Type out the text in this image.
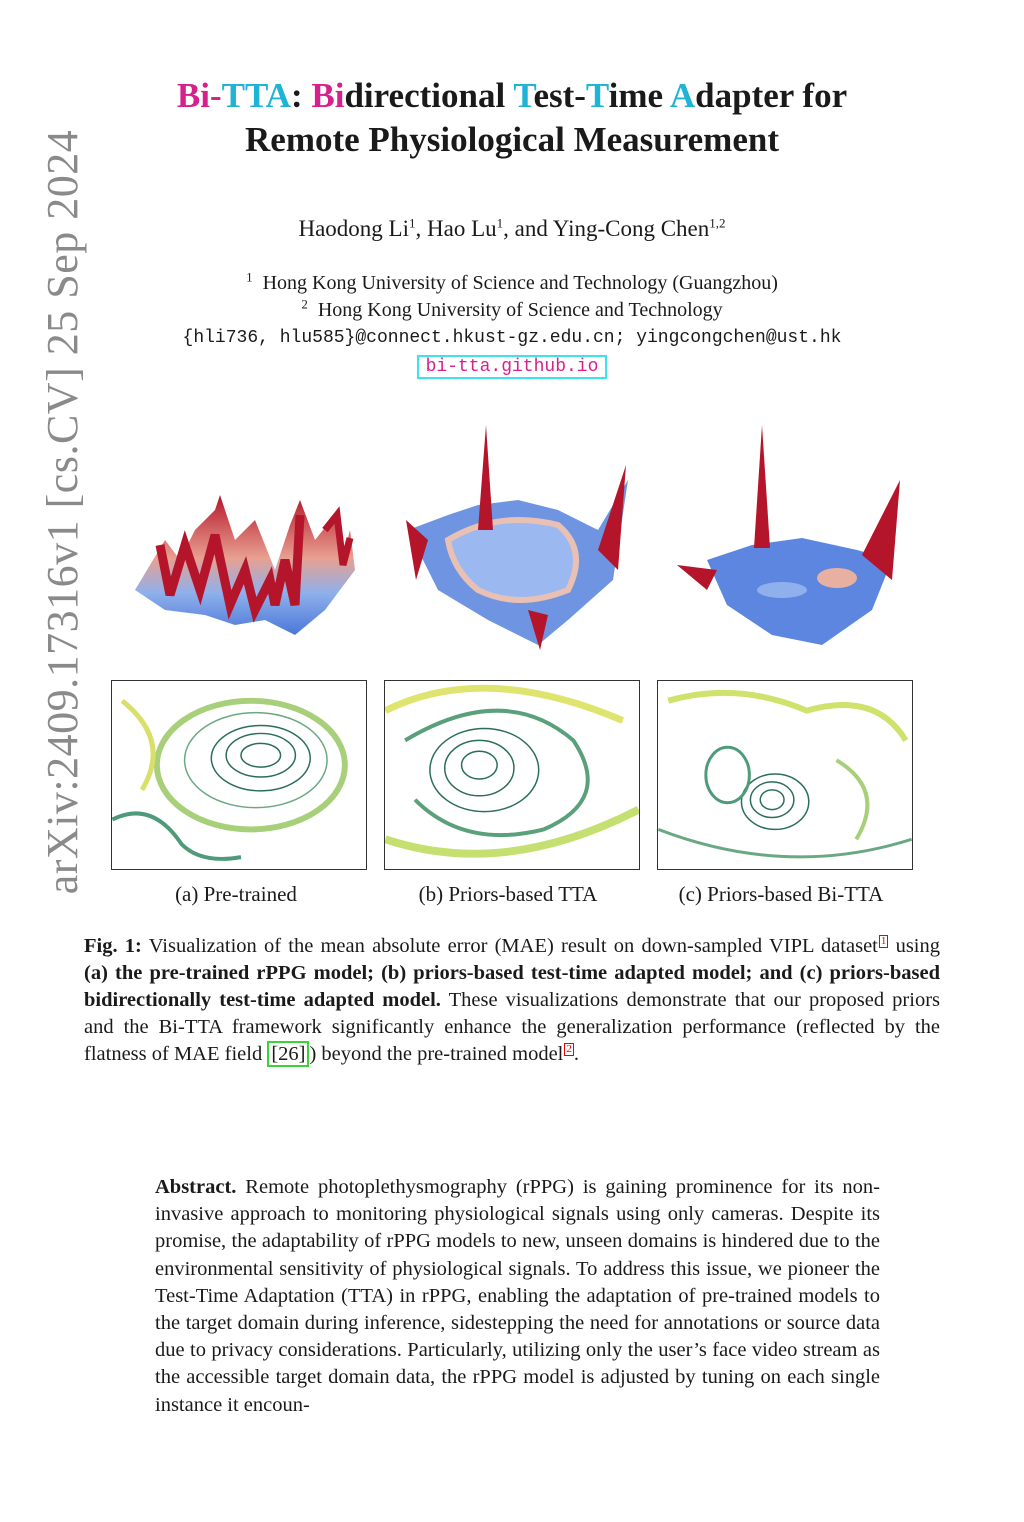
arXiv:2409.17316v1 [cs.CV] 25 Sep 2024
Bi-TTA: Bidirectional Test-Time Adapter for
Remote Physiological Measurement
Haodong Li$^1$, Hao Lu$^1$, and Ying-Cong Chen$^{1,2}$
$^1$ Hong Kong University of Science and Technology (Guangzhou)
$^2$ Hong Kong University of Science and Technology
{hli736, hlu585}@connect.hkust-gz.edu.cn; yingcongchen@ust.hk
bi-tta.github.io
(a) Pre-trained	(b) Priors-based TTA	(c) Priors-based Bi-TTA
Fig. 1: Visualization of the mean absolute error (MAE) result on down-sampled VIPL dataset 1 using (a) the pre-trained rPPG model; (b) priors-based test-time adapted model; and (c) priors-based bidirectionally test-time adapted model. These visualizations demonstrate that our proposed priors and the Bi-TTA framework significantly enhance the generalization performance (reflected by the flatness of MAE field [26] ) beyond the pre-trained model 2.
Abstract. Remote photoplethysmography (rPPG) is gaining prominence for its non-invasive approach to monitoring physiological signals using only cameras. Despite its promise, the adaptability of rPPG models to new, unseen domains is hindered due to the environmental sensitivity of physiological signals. To address this issue, we pioneer the Test-Time Adaptation (TTA) in rPPG, enabling the adaptation of pre-trained models to the target domain during inference, sidestepping the need for annotations or source data due to privacy considerations. Particularly, utilizing only the user’s face video stream as the accessible target domain data, the rPPG model is adjusted by tuning on each single instance it encoun-
